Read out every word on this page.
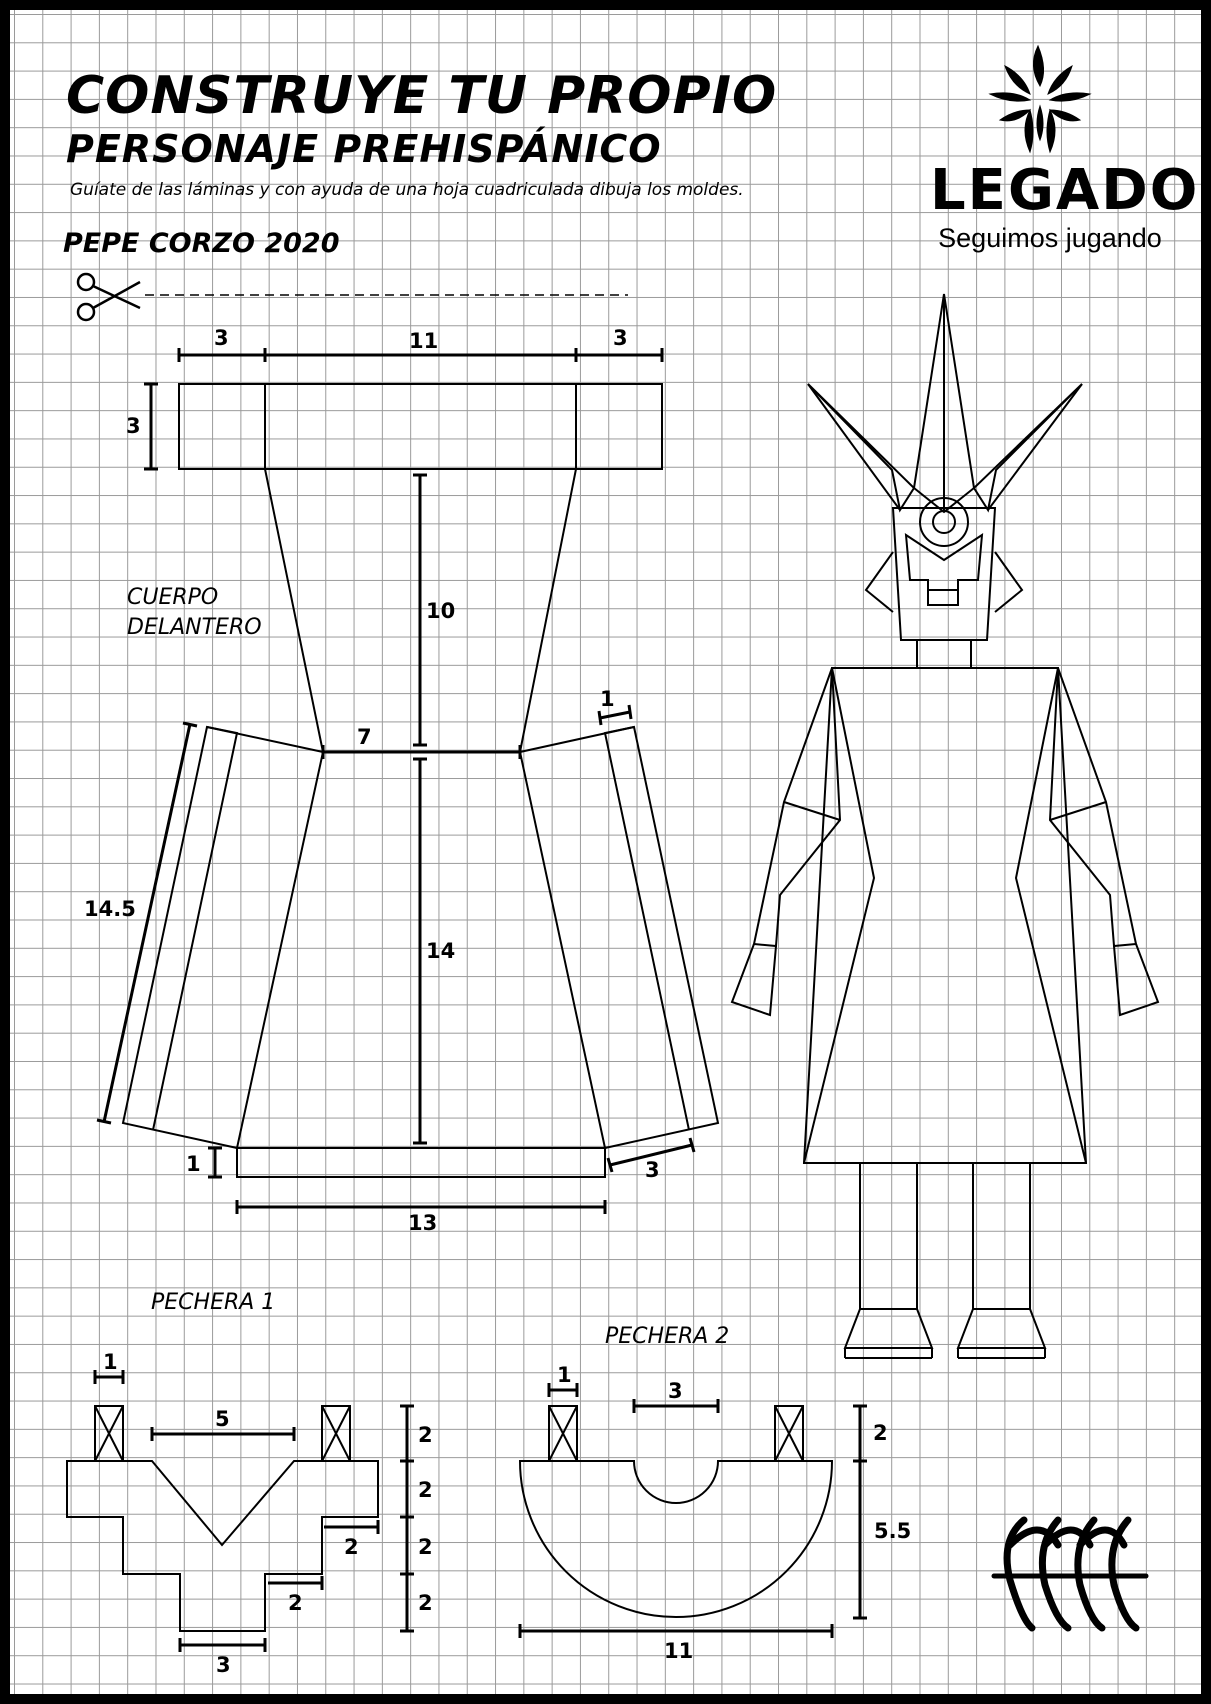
CONSTRUYE TU PROPIO
PERSONAJE PREHISPÁNICO
Guíate de las láminas y con ayuda de una hoja cuadriculada dibuja los moldes.
PEPE CORZO 2020
LEGADO
Seguimos jugando
3	11	3
3
10
7
14
14.5
1
1
13
3
CUERPO
DELANTERO
PECHERA 1
1
5
2
2
2
2
2
2
3
PECHERA 2
1
3
2
5.5
11
